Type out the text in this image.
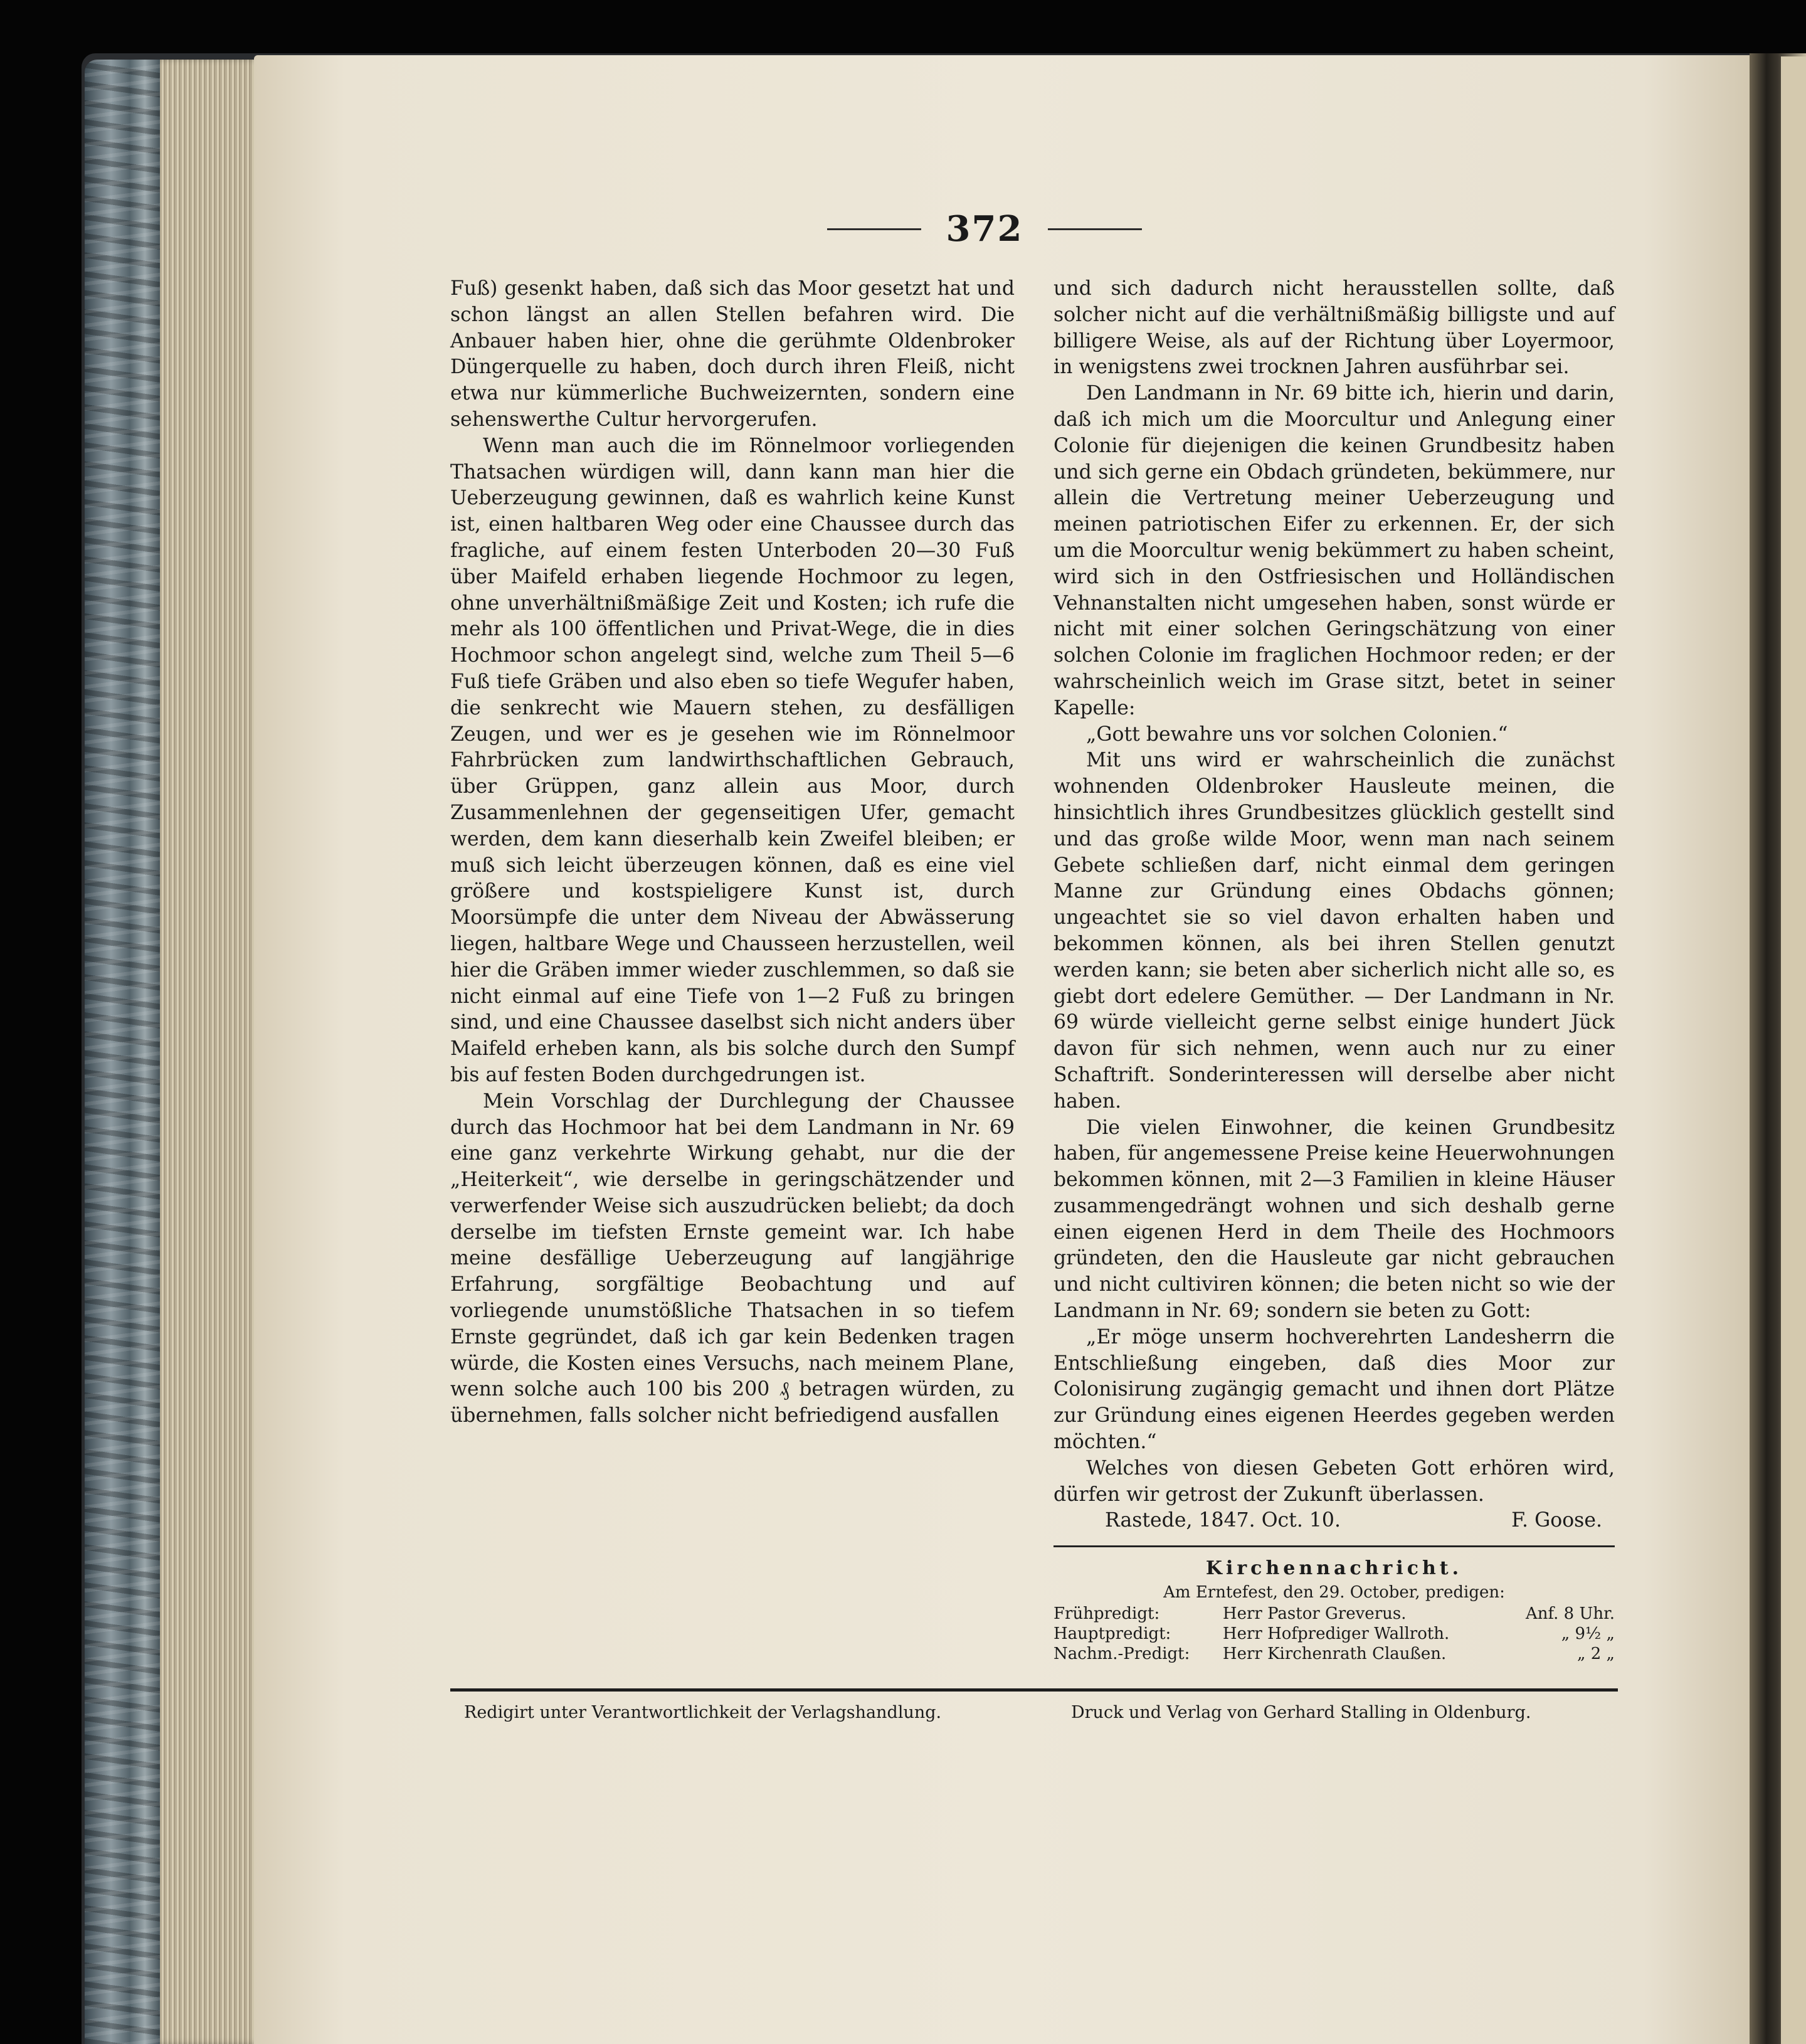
372

Fuß) gesenkt haben, daß sich das Moor gesetzt hat und schon längst an allen Stellen befahren wird. Die Anbauer haben hier, ohne die gerühmte Oldenbroker Düngerquelle zu haben, doch durch ihren Fleiß, nicht etwa nur kümmerliche Buchweizernten, sondern eine sehenswerthe Cultur hervorgerufen.

Wenn man auch die im Rönnelmoor vorliegenden Thatsachen würdigen will, dann kann man hier die Ueberzeugung gewinnen, daß es wahrlich keine Kunst ist, einen haltbaren Weg oder eine Chaussee durch das fragliche, auf einem festen Unterboden 20—30 Fuß über Maifeld erhaben liegende Hochmoor zu legen, ohne unverhältnißmäßige Zeit und Kosten; ich rufe die mehr als 100 öffentlichen und Privat-Wege, die in dies Hochmoor schon angelegt sind, welche zum Theil 5—6 Fuß tiefe Gräben und also eben so tiefe Wegufer haben, die senkrecht wie Mauern stehen, zu desfälligen Zeugen, und wer es je gesehen wie im Rönnelmoor Fahrbrücken zum landwirthschaftlichen Gebrauch, über Grüppen, ganz allein aus Moor, durch Zusammenlehnen der gegenseitigen Ufer, gemacht werden, dem kann dieserhalb kein Zweifel bleiben; er muß sich leicht überzeugen können, daß es eine viel größere und kostspieligere Kunst ist, durch Moorsümpfe die unter dem Niveau der Abwässerung liegen, haltbare Wege und Chausseen herzustellen, weil hier die Gräben immer wieder zuschlemmen, so daß sie nicht einmal auf eine Tiefe von 1—2 Fuß zu bringen sind, und eine Chaussee daselbst sich nicht anders über Maifeld erheben kann, als bis solche durch den Sumpf bis auf festen Boden durchgedrungen ist.

Mein Vorschlag der Durchlegung der Chaussee durch das Hochmoor hat bei dem Landmann in Nr. 69 eine ganz verkehrte Wirkung gehabt, nur die der „Heiterkeit“, wie derselbe in geringschätzender und verwerfender Weise sich auszudrücken beliebt; da doch derselbe im tiefsten Ernste gemeint war. Ich habe meine desfällige Ueberzeugung auf langjährige Erfahrung, sorgfältige Beobachtung und auf vorliegende unumstößliche Thatsachen in so tiefem Ernste gegründet, daß ich gar kein Bedenken tragen würde, die Kosten eines Versuchs, nach meinem Plane, wenn solche auch 100 bis 200 ₰ betragen würden, zu übernehmen, falls solcher nicht befriedigend ausfallen

und sich dadurch nicht herausstellen sollte, daß solcher nicht auf die verhältnißmäßig billigste und auf billigere Weise, als auf der Richtung über Loyermoor, in wenigstens zwei trocknen Jahren ausführbar sei.

Den Landmann in Nr. 69 bitte ich, hierin und darin, daß ich mich um die Moorcultur und Anlegung einer Colonie für diejenigen die keinen Grundbesitz haben und sich gerne ein Obdach gründeten, bekümmere, nur allein die Vertretung meiner Ueberzeugung und meinen patriotischen Eifer zu erkennen. Er, der sich um die Moorcultur wenig bekümmert zu haben scheint, wird sich in den Ostfriesischen und Holländischen Vehnanstalten nicht umgesehen haben, sonst würde er nicht mit einer solchen Geringschätzung von einer solchen Colonie im fraglichen Hochmoor reden; er der wahrscheinlich weich im Grase sitzt, betet in seiner Kapelle:

„Gott bewahre uns vor solchen Colonien.“

Mit uns wird er wahrscheinlich die zunächst wohnenden Oldenbroker Hausleute meinen, die hinsichtlich ihres Grundbesitzes glücklich gestellt sind und das große wilde Moor, wenn man nach seinem Gebete schließen darf, nicht einmal dem geringen Manne zur Gründung eines Obdachs gönnen; ungeachtet sie so viel davon erhalten haben und bekommen können, als bei ihren Stellen genutzt werden kann; sie beten aber sicherlich nicht alle so, es giebt dort edelere Gemüther. — Der Landmann in Nr. 69 würde vielleicht gerne selbst einige hundert Jück davon für sich nehmen, wenn auch nur zu einer Schaftrift. Sonderinteressen will derselbe aber nicht haben.

Die vielen Einwohner, die keinen Grundbesitz haben, für angemessene Preise keine Heuerwohnungen bekommen können, mit 2—3 Familien in kleine Häuser zusammengedrängt wohnen und sich deshalb gerne einen eigenen Herd in dem Theile des Hochmoors gründeten, den die Hausleute gar nicht gebrauchen und nicht cultiviren können; die beten nicht so wie der Landmann in Nr. 69; sondern sie beten zu Gott:

„Er möge unserm hochverehrten Landesherrn die Entschließung eingeben, daß dies Moor zur Colonisirung zugängig gemacht und ihnen dort Plätze zur Gründung eines eigenen Heerdes gegeben werden möchten.“

Welches von diesen Gebeten Gott erhören wird, dürfen wir getrost der Zukunft überlassen.

Rastede, 1847. Oct. 10.	F. Goose.

Kirchennachricht.
Am Erntefest, den 29. October, predigen:
Frühpredigt:	Herr Pastor Greverus.	Anf. 8 Uhr.
Hauptpredigt:	Herr Hofprediger Wallroth.	„ 9½ „
Nachm.-Predigt:	Herr Kirchenrath Claußen.	„ 2 „
Redigirt unter Verantwortlichkeit der Verlagshandlung.	Druck und Verlag von Gerhard Stalling in Oldenburg.
